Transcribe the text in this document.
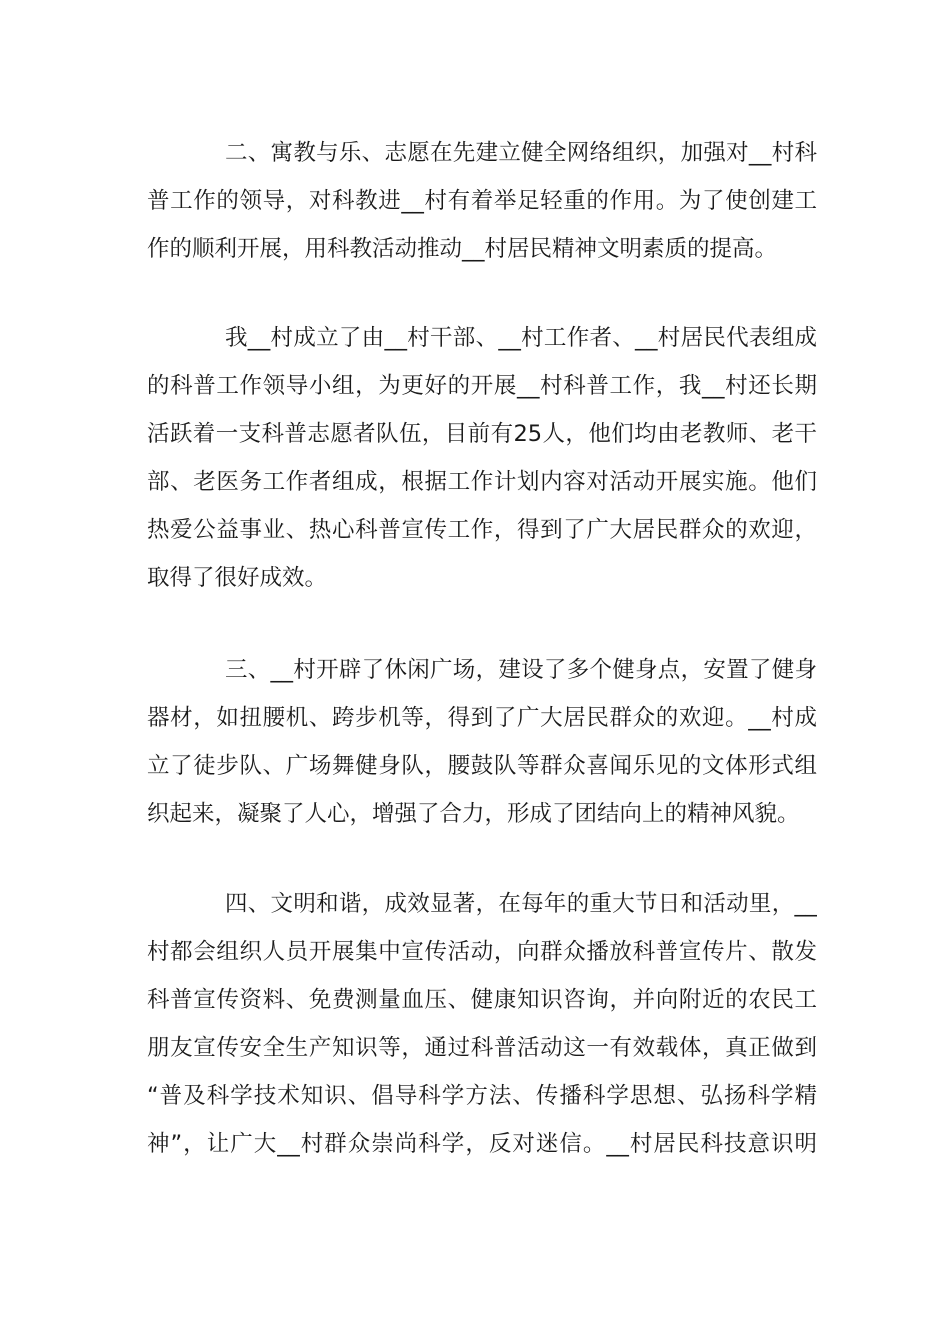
二、寓教与乐、志愿在先建立健全网络组织，加强对__村科
普工作的领导，对科教进__村有着举足轻重的作用。为了使创建工
作的顺利开展，用科教活动推动__村居民精神文明素质的提高。
我__村成立了由__村干部、__村工作者、__村居民代表组成
的科普工作领导小组，为更好的开展__村科普工作，我__村还长期
活跃着一支科普志愿者队伍，目前有25人，他们均由老教师、老干
部、老医务工作者组成，根据工作计划内容对活动开展实施。他们
热爱公益事业、热心科普宣传工作，得到了广大居民群众的欢迎，
取得了很好成效。
三、__村开辟了休闲广场，建设了多个健身点，安置了健身
器材，如扭腰机、跨步机等，得到了广大居民群众的欢迎。__村成
立了徒步队、广场舞健身队，腰鼓队等群众喜闻乐见的文体形式组
织起来，凝聚了人心，增强了合力，形成了团结向上的精神风貌。
四、文明和谐，成效显著，在每年的重大节日和活动里，__
村都会组织人员开展集中宣传活动，向群众播放科普宣传片、散发
科普宣传资料、免费测量血压、健康知识咨询，并向附近的农民工
朋友宣传安全生产知识等，通过科普活动这一有效载体，真正做到
“普及科学技术知识、倡导科学方法、传播科学思想、弘扬科学精
神”，让广大__村群众崇尚科学，反对迷信。__村居民科技意识明
